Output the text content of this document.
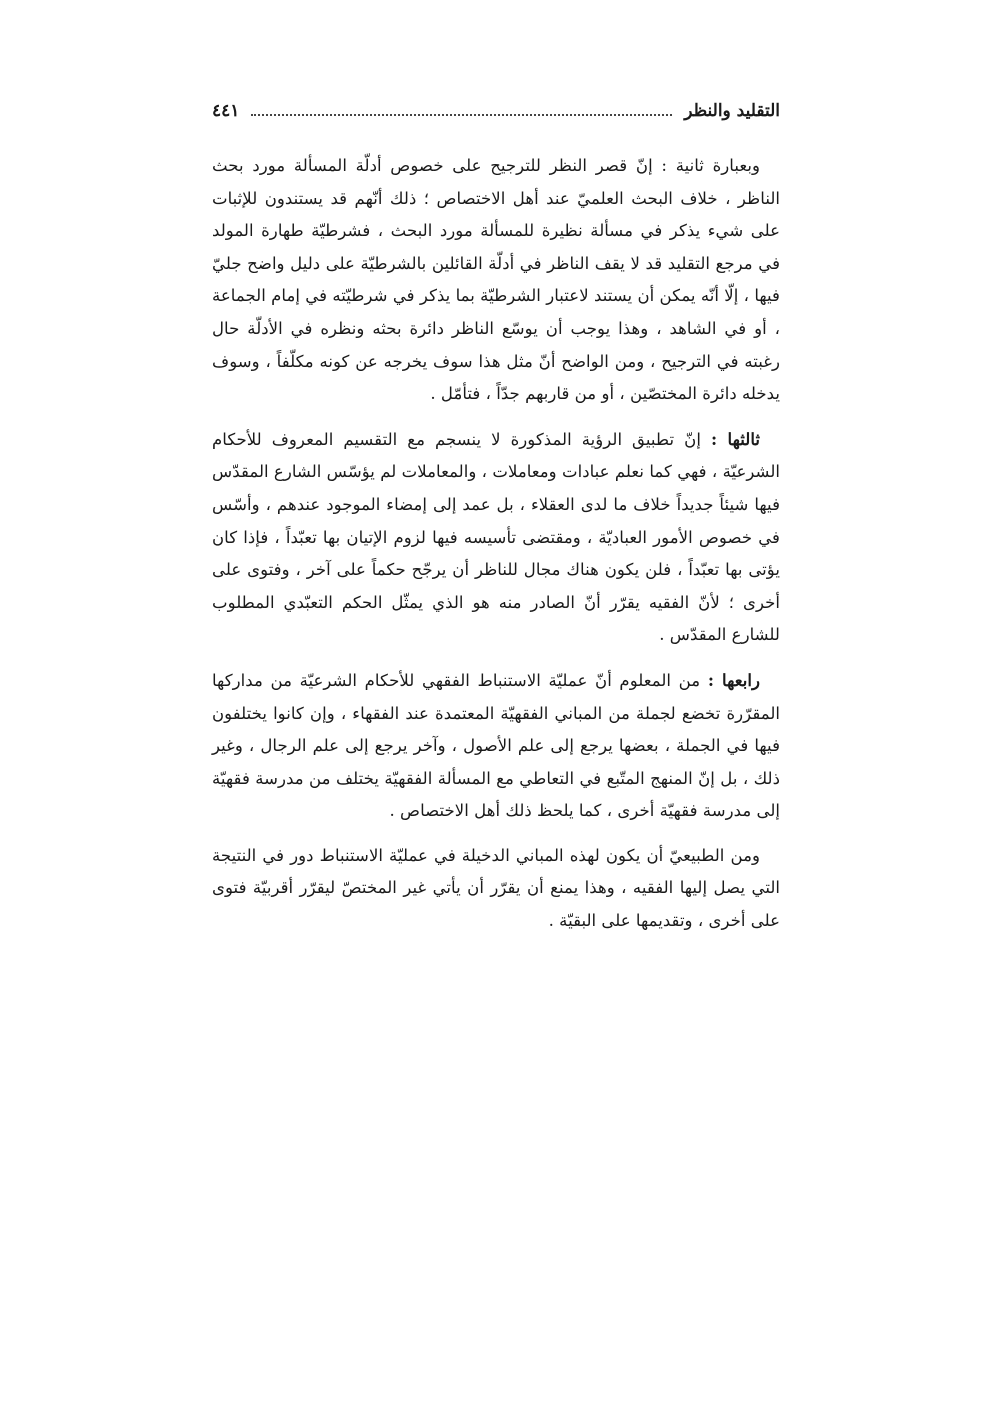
التقليد والنظر
٤٤١

وبعبارة ثانية : إنّ قصر النظر للترجيح على خصوص أدلّة المسألة مورد بحث الناظر ، خلاف البحث العلميّ عند أهل الاختصاص ؛ ذلك أنّهم قد يستندون للإثبات على شيء يذكر في مسألة نظيرة للمسألة مورد البحث ، فشرطيّة طهارة المولد في مرجع التقليد قد لا يقف الناظر في أدلّة القائلين بالشرطيّة على دليل واضح جليّ فيها ، إلّا أنّه يمكن أن يستند لاعتبار الشرطيّة بما يذكر في شرطيّته في إمام الجماعة ، أو في الشاهد ، وهذا يوجب أن يوسّع الناظر دائرة بحثه ونظره في الأدلّة حال رغبته في الترجيح ، ومن الواضح أنّ مثل هذا سوف يخرجه عن كونه مكلّفاً ، وسوف يدخله دائرة المختصّين ، أو من قاربهم جدّاً ، فتأمّل .

ثالثها : إنّ تطبيق الرؤية المذكورة لا ينسجم مع التقسيم المعروف للأحكام الشرعيّة ، فهي كما نعلم عبادات ومعاملات ، والمعاملات لم يؤسّس الشارع المقدّس فيها شيئاً جديداً خلاف ما لدى العقلاء ، بل عمد إلى إمضاء الموجود عندهم ، وأسّس في خصوص الأمور العباديّة ، ومقتضى تأسيسه فيها لزوم الإتيان بها تعبّداً ، فإذا كان يؤتى بها تعبّداً ، فلن يكون هناك مجال للناظر أن يرجّح حكماً على آخر ، وفتوى على أخرى ؛ لأنّ الفقيه يقرّر أنّ الصادر منه هو الذي يمثّل الحكم التعبّدي المطلوب للشارع المقدّس .

رابعها : من المعلوم أنّ عمليّة الاستنباط الفقهي للأحكام الشرعيّة من مداركها المقرّرة تخضع لجملة من المباني الفقهيّة المعتمدة عند الفقهاء ، وإن كانوا يختلفون فيها في الجملة ، بعضها يرجع إلى علم الأصول ، وآخر يرجع إلى علم الرجال ، وغير ذلك ، بل إنّ المنهج المتّبع في التعاطي مع المسألة الفقهيّة يختلف من مدرسة فقهيّة إلى مدرسة فقهيّة أخرى ، كما يلحظ ذلك أهل الاختصاص .

ومن الطبيعيّ أن يكون لهذه المباني الدخيلة في عمليّة الاستنباط دور في النتيجة التي يصل إليها الفقيه ، وهذا يمنع أن يقرّر أن يأتي غير المختصّ ليقرّر أقربيّة فتوى على أخرى ، وتقديمها على البقيّة .
